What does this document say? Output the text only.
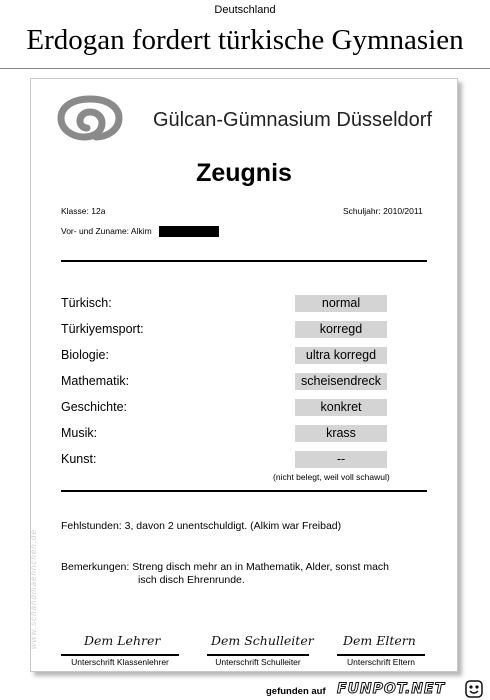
Deutschland
Erdogan fordert türkische Gymnasien
Gülcan-Gümnasium Düsseldorf
Zeugnis
Klasse: 12a	Schuljahr: 2010/2011
Vor- und Zuname: Alkim
Türkisch:	normal
Türkiyemsport:	korregd
Biologie:	ultra korregd
Mathematik:	scheisendreck
Geschichte:	konkret
Musik:	krass
Kunst:	--
(nicht belegt, weil voll schawul)
Fehlstunden: 3, davon 2 unentschuldigt. (Alkim war Freibad)
Bemerkungen: Streng disch mehr an in Mathematik, Alder, sonst mach
isch disch Ehrenrunde.
www.schandmaennchen.de	Dem Lehrer
Unterschrift Klassenlehrer
Dem Schulleiter
Unterschrift Schulleiter
Dem Eltern
Unterschrift Eltern
gefunden auf FUNPOT.NET
